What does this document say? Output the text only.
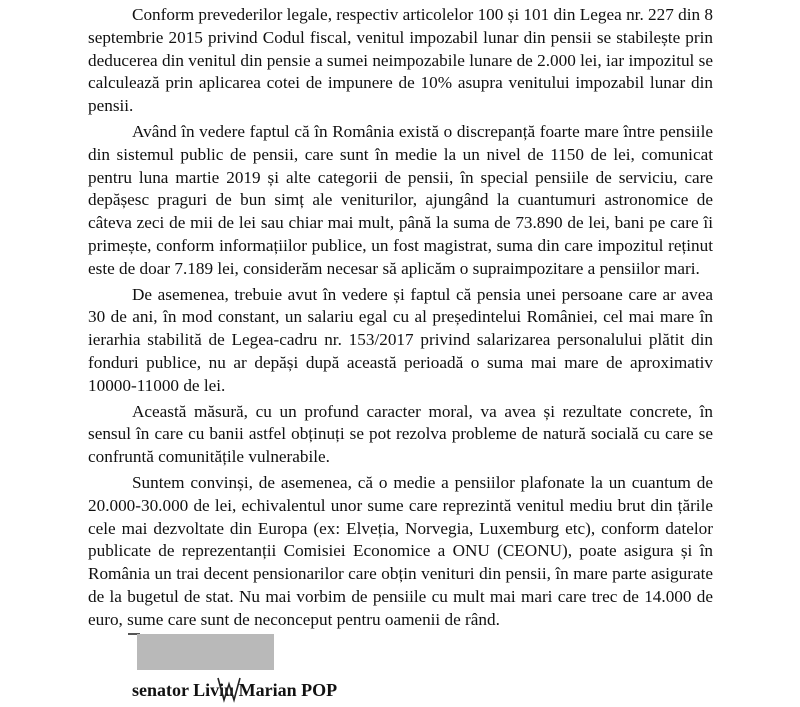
Conform prevederilor legale, respectiv articolelor 100 și 101 din Legea nr. 227 din 8 septembrie 2015 privind Codul fiscal, venitul impozabil lunar din pensii se stabilește prin deducerea din venitul din pensie a sumei neimpozabile lunare de 2.000 lei, iar impozitul se calculează prin aplicarea cotei de impunere de 10% asupra venitului impozabil lunar din pensii.

Având în vedere faptul că în România există o discrepanță foarte mare între pensiile din sistemul public de pensii, care sunt în medie la un nivel de 1150 de lei, comunicat pentru luna martie 2019 și alte categorii de pensii, în special pensiile de serviciu, care depășesc praguri de bun simț ale veniturilor, ajungând la cuantumuri astronomice de câteva zeci de mii de lei sau chiar mai mult, până la suma de 73.890 de lei, bani pe care îi primește, conform informațiilor publice, un fost magistrat, suma din care impozitul reținut este de doar 7.189 lei, considerăm necesar să aplicăm o supraimpozitare a pensiilor mari.

De asemenea, trebuie avut în vedere și faptul că pensia unei persoane care ar avea 30 de ani, în mod constant, un salariu egal cu al președintelui României, cel mai mare în ierarhia stabilită de Legea-cadru nr. 153/2017 privind salarizarea personalului plătit din fonduri publice, nu ar depăși după această perioadă o suma mai mare de aproximativ 10000-11000 de lei.

Această măsură, cu un profund caracter moral, va avea și rezultate concrete, în sensul în care cu banii astfel obținuți se pot rezolva probleme de natură socială cu care se confruntă comunitățile vulnerabile.

Suntem convinși, de asemenea, că o medie a pensiilor plafonate la un cuantum de 20.000-30.000 de lei, echivalentul unor sume care reprezintă venitul mediu brut din țările cele mai dezvoltate din Europa (ex: Elveția, Norvegia, Luxemburg etc), conform datelor publicate de reprezentanții Comisiei Economice a ONU (CEONU), poate asigura și în România un trai decent pensionarilor care obțin venituri din pensii, în mare parte asigurate de la bugetul de stat. Nu mai vorbim de pensiile cu mult mai mari care trec de 14.000 de euro, sume care sunt de neconceput pentru oamenii de rând.

senator Liviu Marian POP
